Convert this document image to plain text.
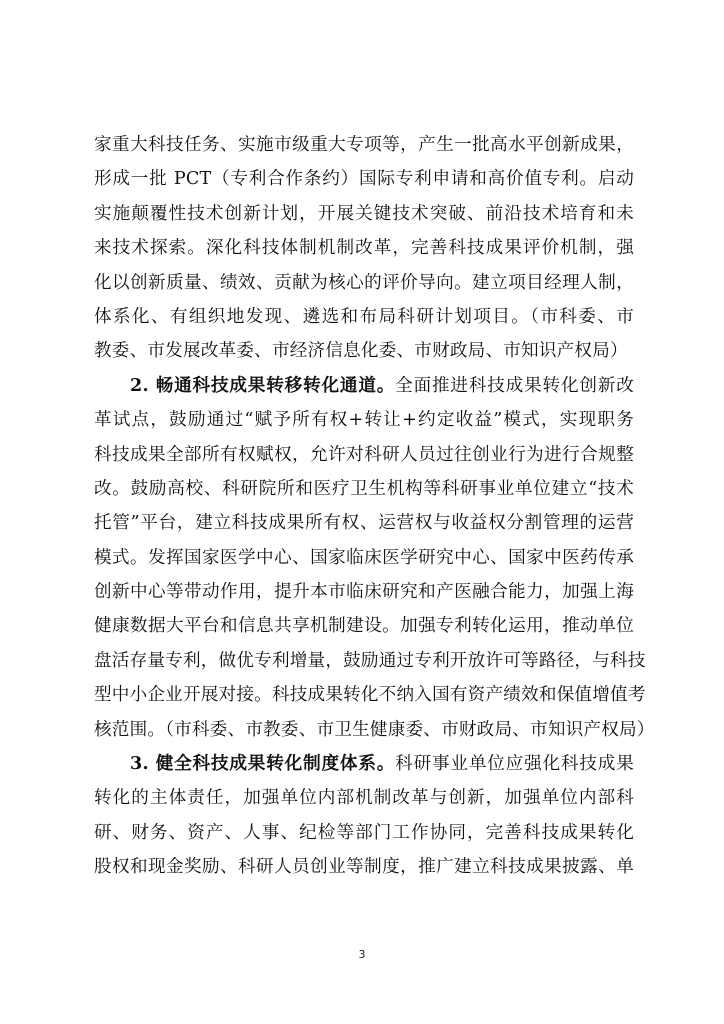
家重大科技任务、实施市级重大专项等，产生一批高水平创新成果，
形成一批 PCT（专利合作条约）国际专利申请和高价值专利。启动
实施颠覆性技术创新计划，开展关键技术突破、前沿技术培育和未
来技术探索。深化科技体制机制改革，完善科技成果评价机制，强
化以创新质量、绩效、贡献为核心的评价导向。建立项目经理人制，
体系化、有组织地发现、遴选和布局科研计划项目。（市科委、市
教委、市发展改革委、市经济信息化委、市财政局、市知识产权局）
2. 畅通科技成果转移转化通道。全面推进科技成果转化创新改
革试点，鼓励通过“赋予所有权+转让+约定收益”模式，实现职务
科技成果全部所有权赋权，允许对科研人员过往创业行为进行合规整
改。鼓励高校、科研院所和医疗卫生机构等科研事业单位建立“技术
托管”平台，建立科技成果所有权、运营权与收益权分割管理的运营
模式。发挥国家医学中心、国家临床医学研究中心、国家中医药传承
创新中心等带动作用，提升本市临床研究和产医融合能力，加强上海
健康数据大平台和信息共享机制建设。加强专利转化运用，推动单位
盘活存量专利，做优专利增量，鼓励通过专利开放许可等路径，与科技
型中小企业开展对接。科技成果转化不纳入国有资产绩效和保值增值考
核范围。（市科委、市教委、市卫生健康委、市财政局、市知识产权局）
3. 健全科技成果转化制度体系。科研事业单位应强化科技成果
转化的主体责任，加强单位内部机制改革与创新，加强单位内部科
研、财务、资产、人事、纪检等部门工作协同，完善科技成果转化
股权和现金奖励、科研人员创业等制度，推广建立科技成果披露、单
3
